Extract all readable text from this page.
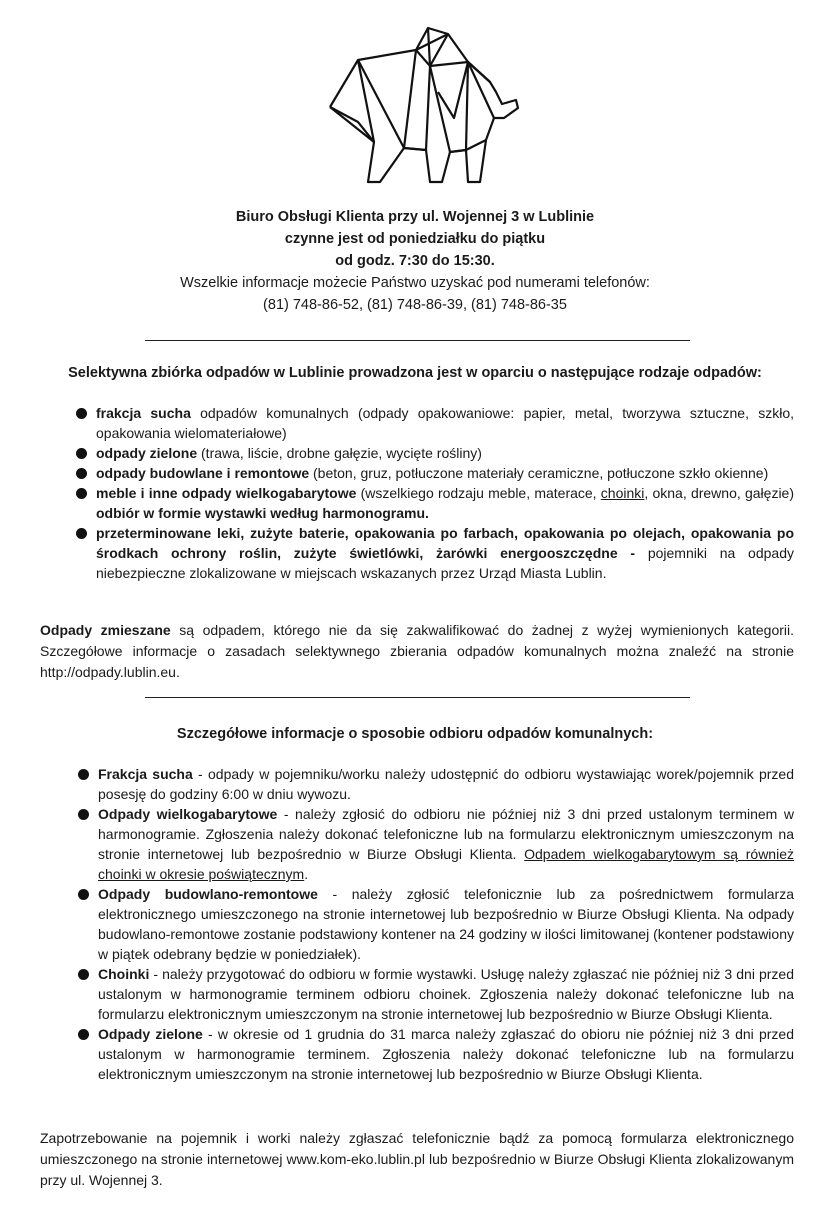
Biuro Obsługi Klienta przy ul. Wojennej 3 w Lublinie
czynne jest od poniedziałku do piątku
od godz. 7:30 do 15:30.
Wszelkie informacje możecie Państwo uzyskać pod numerami telefonów:
(81) 748-86-52, (81) 748-86-39, (81) 748-86-35
Selektywna zbiórka odpadów w Lublinie prowadzona jest w oparciu o następujące rodzaje odpadów:
frakcja sucha odpadów komunalnych (odpady opakowaniowe: papier, metal, tworzywa sztuczne, szkło, opakowania wielomateriałowe)
odpady zielone (trawa, liście, drobne gałęzie, wycięte rośliny)
odpady budowlane i remontowe (beton, gruz, potłuczone materiały ceramiczne, potłuczone szkło okienne)
meble i inne odpady wielkogabarytowe (wszelkiego rodzaju meble, materace, choinki, okna, drewno, gałęzie) odbiór w formie wystawki według harmonogramu.
przeterminowane leki, zużyte baterie, opakowania po farbach, opakowania po olejach, opakowania po środkach ochrony roślin, zużyte świetlówki, żarówki energooszczędne - pojemniki na odpady niebezpieczne zlokalizowane w miejscach wskazanych przez Urząd Miasta Lublin.
Odpady zmieszane są odpadem, którego nie da się zakwalifikować do żadnej z wyżej wymienionych kategorii. Szczegółowe informacje o zasadach selektywnego zbierania odpadów komunalnych można znaleźć na stronie http://odpady.lublin.eu.
Szczegółowe informacje o sposobie odbioru odpadów komunalnych:
Frakcja sucha - odpady w pojemniku/worku należy udostępnić do odbioru wystawiając worek/pojemnik przed posesję do godziny 6:00 w dniu wywozu.
Odpady wielkogabarytowe - należy zgłosić do odbioru nie później niż 3 dni przed ustalonym terminem w harmonogramie. Zgłoszenia należy dokonać telefoniczne lub na formularzu elektronicznym umieszczonym na stronie internetowej lub bezpośrednio w Biurze Obsługi Klienta. Odpadem wielkogabarytowym są również choinki w okresie poświątecznym.
Odpady budowlano-remontowe - należy zgłosić telefonicznie lub za pośrednictwem formularza elektronicznego umieszczonego na stronie internetowej lub bezpośrednio w Biurze Obsługi Klienta. Na odpady budowlano-remontowe zostanie podstawiony kontener na 24 godziny w ilości limitowanej (kontener podstawiony w piątek odebrany będzie w poniedziałek).
Choinki - należy przygotować do odbioru w formie wystawki. Usługę należy zgłaszać nie później niż 3 dni przed ustalonym w harmonogramie terminem odbioru choinek. Zgłoszenia należy dokonać telefoniczne lub na formularzu elektronicznym umieszczonym na stronie internetowej lub bezpośrednio w Biurze Obsługi Klienta.
Odpady zielone - w okresie od 1 grudnia do 31 marca należy zgłaszać do obioru nie później niż 3 dni przed ustalonym w harmonogramie terminem. Zgłoszenia należy dokonać telefoniczne lub na formularzu elektronicznym umieszczonym na stronie internetowej lub bezpośrednio w Biurze Obsługi Klienta.
Zapotrzebowanie na pojemnik i worki należy zgłaszać telefonicznie bądź za pomocą formularza elektronicznego umieszczonego na stronie internetowej www.kom-eko.lublin.pl lub bezpośrednio w Biurze Obsługi Klienta zlokalizowanym przy ul. Wojennej 3.
